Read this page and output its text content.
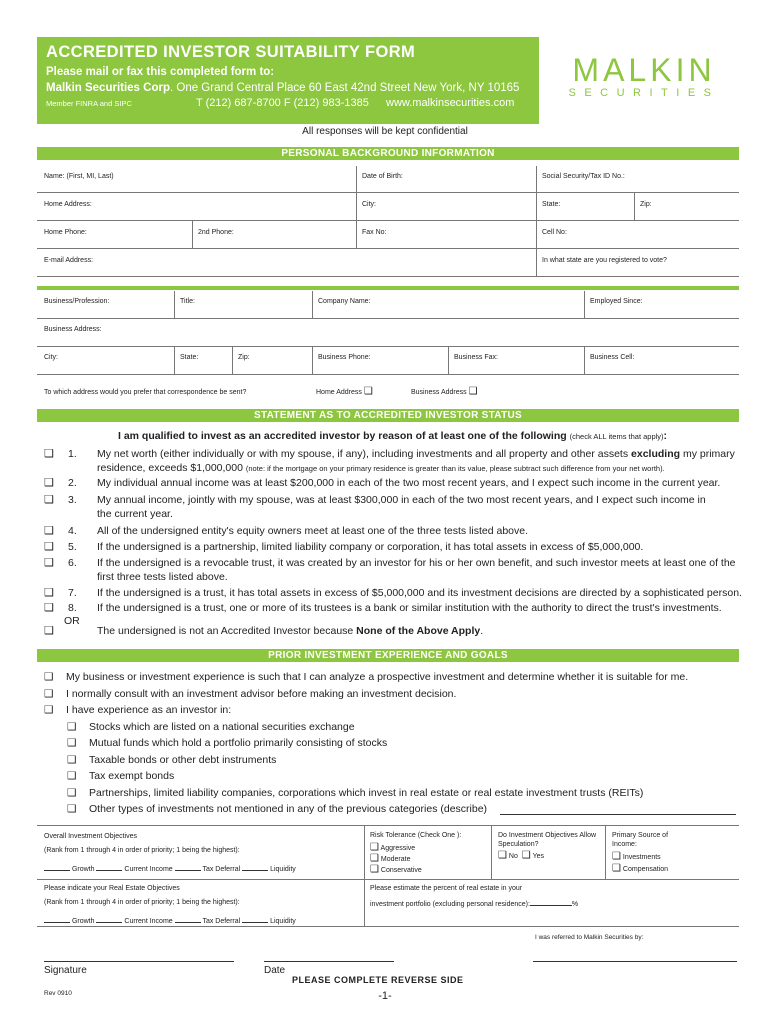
ACCREDITED INVESTOR SUITABILITY FORM
Please mail or fax this completed form to:
Malkin Securities Corp. One Grand Central Place 60 East 42nd Street New York, NY 10165
Member FINRA and SIPC	T (212) 687-8700 F (212) 983-1385	www.malkinsecurities.com
MALKIN
SECURITIES
All responses will be kept confidential
PERSONAL BACKGROUND INFORMATION
Name: (First, MI, Last)	Date of Birth:	Social Security/Tax ID No.:
Home Address:	City:	State:	Zip:
Home Phone:	2nd Phone:	Fax No:	Cell No:
E-mail Address:	In what state are you registered to vote?
Business/Profession:	Title:	Company Name:	Employed Since:
Business Address:
City:	State:	Zip:	Business Phone:	Business Fax:	Business Cell:
To which address would you prefer that correspondence be sent?	Home Address ❑	Business Address ❑
STATEMENT AS TO ACCREDITED INVESTOR STATUS
I am qualified to invest as an accredited investor by reason of at least one of the following (check ALL items that apply):
❑ 1. My net worth (either individually or with my spouse, if any), including investments and all property and other assets excluding my primary residence, exceeds $1,000,000 (note: if the mortgage on your primary residence is greater than its value, please subtract such difference from your net worth).
❑ 2. My individual annual income was at least $200,000 in each of the two most recent years, and I expect such income in the current year.
❑ 3. My annual income, jointly with my spouse, was at least $300,000 in each of the two most recent years, and I expect such income in the current year.
❑ 4. All of the undersigned entity's equity owners meet at least one of the three tests listed above.
❑ 5. If the undersigned is a partnership, limited liability company or corporation, it has total assets in excess of $5,000,000.
❑ 6. If the undersigned is a revocable trust, it was created by an investor for his or her own benefit, and such investor meets at least one of the first three tests listed above.
❑ 7. If the undersigned is a trust, it has total assets in excess of $5,000,000 and its investment decisions are directed by a sophisticated person.
❑ 8. If the undersigned is a trust, one or more of its trustees is a bank or similar institution with the authority to direct the trust's investments.
OR
❑	The undersigned is not an Accredited Investor because None of the Above Apply.
PRIOR INVESTMENT EXPERIENCE AND GOALS
❑ My business or investment experience is such that I can analyze a prospective investment and determine whether it is suitable for me.
❑ I normally consult with an investment advisor before making an investment decision.
❑ I have experience as an investor in:
❑ Stocks which are listed on a national securities exchange
❑ Mutual funds which hold a portfolio primarily consisting of stocks
❑ Taxable bonds or other debt instruments
❑ Tax exempt bonds
❑ Partnerships, limited liability companies, corporations which invest in real estate or real estate investment trusts (REITs)
❑ Other types of investments not mentioned in any of the previous categories (describe)
Overall Investment Objectives
(Rank from 1 through 4 in order of priority; 1 being the highest):
Growth	Current Income	Tax Deferral	Liquidity
Risk Tolerance (Check One ):
❑ Aggressive
❑ Moderate
❑ Conservative
Do Investment Objectives Allow Speculation?
❑ No ❑ Yes
Primary Source of Income:
❑ Investments
❑ Compensation
Please indicate your Real Estate Objectives
(Rank from 1 through 4 in order of priority; 1 being the highest):
Growth	Current Income	Tax Deferral	Liquidity
Please estimate the percent of real estate in your
investment portfolio (excluding personal residence):	%
I was referred to Malkin Securities by:
Signature	Date
PLEASE COMPLETE REVERSE SIDE
Rev 0910	-1-
